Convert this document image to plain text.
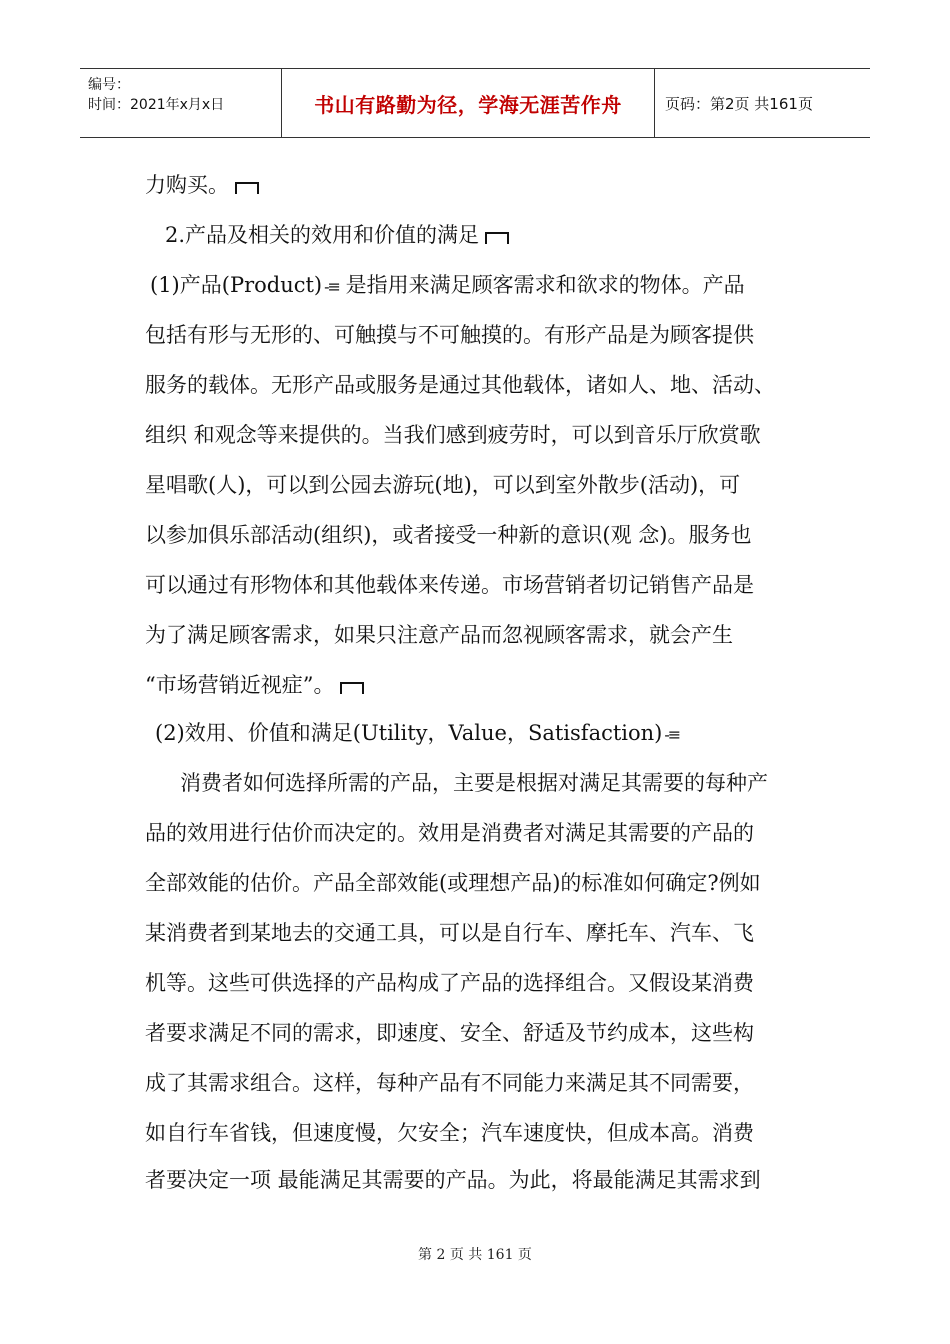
编号：
时间：2021年x月x日	书山有路勤为径，学海无涯苦作舟	页码：第2页 共161页
力购买。
2.产品及相关的效用和价值的满足
(1)产品(Product) -≡ 是指用来满足顾客需求和欲求的物体。产品
包括有形与无形的、可触摸与不可触摸的。有形产品是为顾客提供
服务的载体。无形产品或服务是通过其他载体，诸如人、地、活动、
组织 和观念等来提供的。当我们感到疲劳时，可以到音乐厅欣赏歌
星唱歌(人)，可以到公园去游玩(地)，可以到室外散步(活动)，可
以参加俱乐部活动(组织)，或者接受一种新的意识(观 念)。服务也
可以通过有形物体和其他载体来传递。市场营销者切记销售产品是
为了满足顾客需求，如果只注意产品而忽视顾客需求，就会产生
“市场营销近视症”。
(2)效用、价值和满足(Utility，Value，Satisfaction) -≡
消费者如何选择所需的产品，主要是根据对满足其需要的每种产
品的效用进行估价而决定的。效用是消费者对满足其需要的产品的
全部效能的估价。产品全部效能(或理想产品)的标准如何确定?例如
某消费者到某地去的交通工具，可以是自行车、摩托车、汽车、飞
机等。这些可供选择的产品构成了产品的选择组合。又假设某消费
者要求满足不同的需求，即速度、安全、舒适及节约成本，这些构
成了其需求组合。这样，每种产品有不同能力来满足其不同需要，
如自行车省钱，但速度慢，欠安全；汽车速度快，但成本高。消费
者要决定一项 最能满足其需要的产品。为此，将最能满足其需求到
第 2 页 共 161 页
